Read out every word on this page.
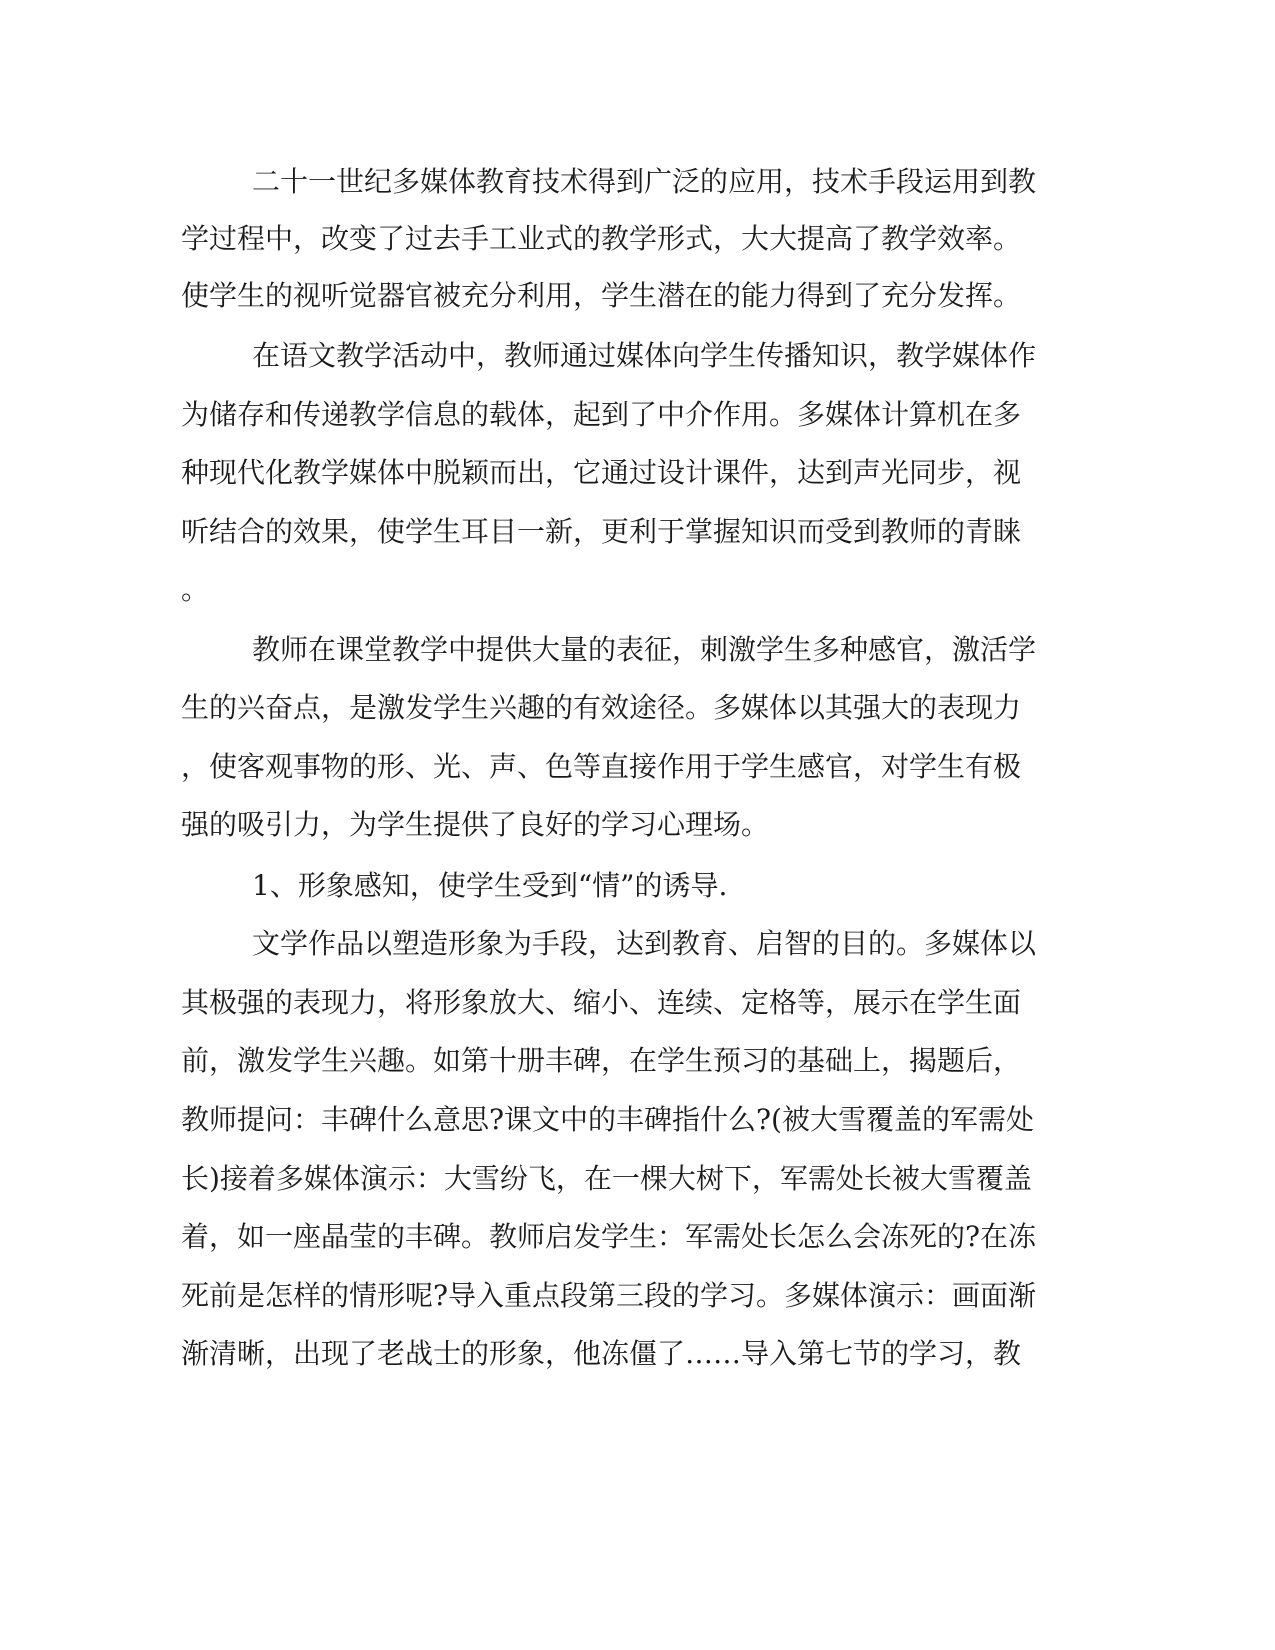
二十一世纪多媒体教育技术得到广泛的应用，技术手段运用到教
学过程中，改变了过去手工业式的教学形式，大大提高了教学效率。
使学生的视听觉器官被充分利用，学生潜在的能力得到了充分发挥。
在语文教学活动中，教师通过媒体向学生传播知识，教学媒体作
为储存和传递教学信息的载体，起到了中介作用。多媒体计算机在多
种现代化教学媒体中脱颖而出，它通过设计课件，达到声光同步，视
听结合的效果，使学生耳目一新，更利于掌握知识而受到教师的青睐
。
教师在课堂教学中提供大量的表征，刺激学生多种感官，激活学
生的兴奋点，是激发学生兴趣的有效途径。多媒体以其强大的表现力
，使客观事物的形、光、声、色等直接作用于学生感官，对学生有极
强的吸引力，为学生提供了良好的学习心理场。
1、形象感知，使学生受到“情”的诱导.
文学作品以塑造形象为手段，达到教育、启智的目的。多媒体以
其极强的表现力，将形象放大、缩小、连续、定格等，展示在学生面
前，激发学生兴趣。如第十册丰碑，在学生预习的基础上，揭题后，
教师提问：丰碑什么意思?课文中的丰碑指什么?(被大雪覆盖的军需处
长)接着多媒体演示：大雪纷飞，在一棵大树下，军需处长被大雪覆盖
着，如一座晶莹的丰碑。教师启发学生：军需处长怎么会冻死的?在冻
死前是怎样的情形呢?导入重点段第三段的学习。多媒体演示：画面渐
渐清晰，出现了老战士的形象，他冻僵了……导入第七节的学习，教
